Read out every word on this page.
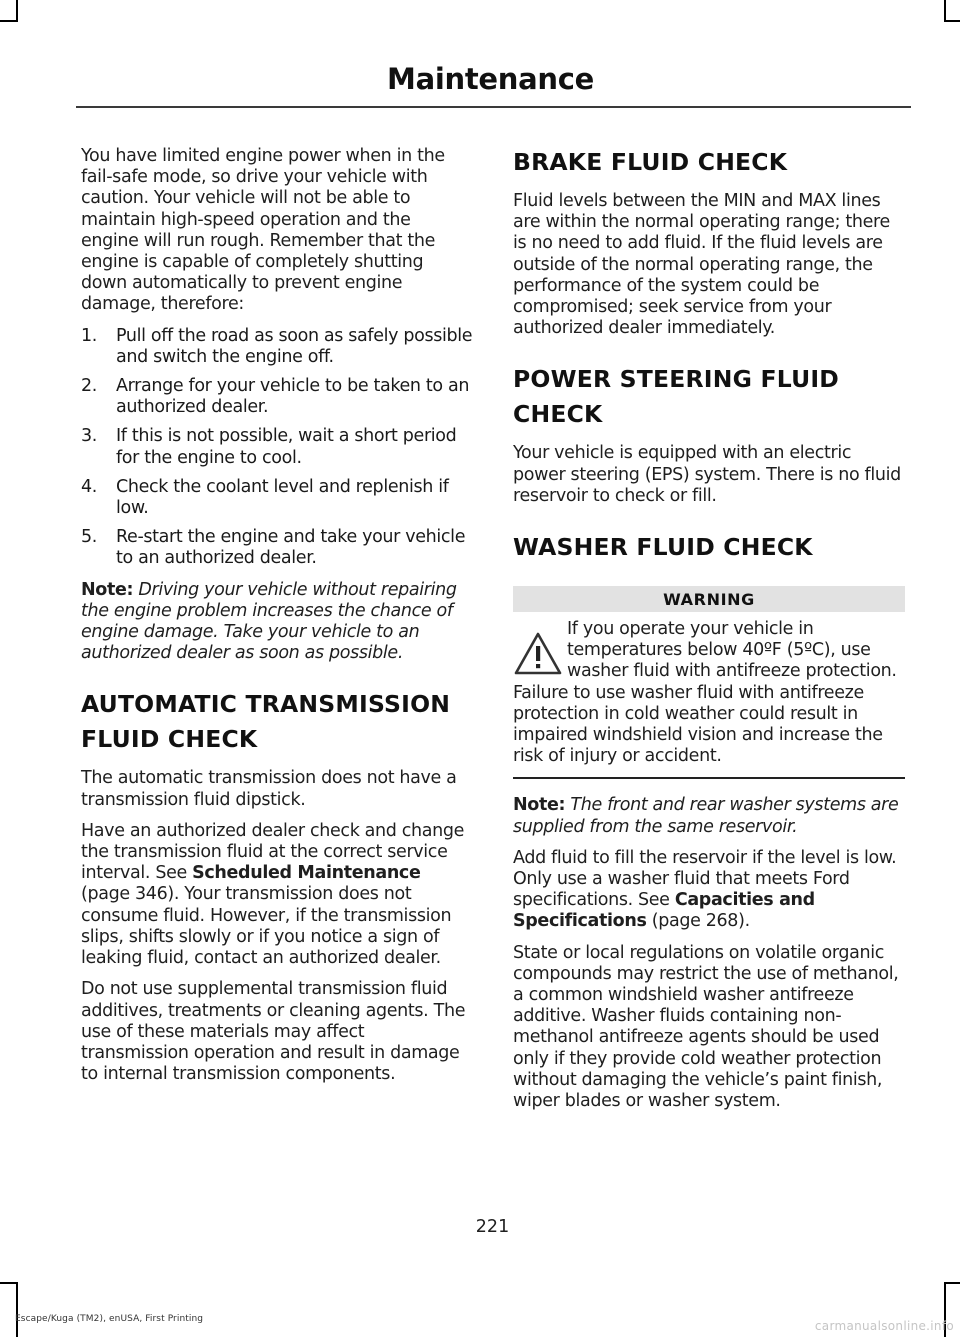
Maintenance

You have limited engine power when in the fail-safe mode, so drive your vehicle with caution. Your vehicle will not be able to maintain high-speed operation and the engine will run rough. Remember that the engine is capable of completely shutting down automatically to prevent engine damage, therefore:

1. Pull off the road as soon as safely possible and switch the engine off.
2. Arrange for your vehicle to be taken to an authorized dealer.
3. If this is not possible, wait a short period for the engine to cool.
4. Check the coolant level and replenish if low.
5. Re-start the engine and take your vehicle to an authorized dealer.

Note: Driving your vehicle without repairing the engine problem increases the chance of engine damage. Take your vehicle to an authorized dealer as soon as possible.

AUTOMATIC TRANSMISSION
FLUID CHECK

The automatic transmission does not have a transmission fluid dipstick.

Have an authorized dealer check and change the transmission fluid at the correct service interval. See Scheduled Maintenance (page 346). Your transmission does not consume fluid. However, if the transmission slips, shifts slowly or if you notice a sign of leaking fluid, contact an authorized dealer.

Do not use supplemental transmission fluid additives, treatments or cleaning agents. The use of these materials may affect transmission operation and result in damage to internal transmission components.

BRAKE FLUID CHECK

Fluid levels between the MIN and MAX lines are within the normal operating range; there is no need to add fluid. If the fluid levels are outside of the normal operating range, the performance of the system could be compromised; seek service from your authorized dealer immediately.

POWER STEERING FLUID
CHECK

Your vehicle is equipped with an electric power steering (EPS) system. There is no fluid reservoir to check or fill.

WASHER FLUID CHECK
WARNING

If you operate your vehicle in temperatures below 40ºF (5ºC), use washer fluid with antifreeze protection. Failure to use washer fluid with antifreeze protection in cold weather could result in impaired windshield vision and increase the risk of injury or accident.

Note: The front and rear washer systems are supplied from the same reservoir.

Add fluid to fill the reservoir if the level is low. Only use a washer fluid that meets Ford specifications. See Capacities and Specifications (page 268).

State or local regulations on volatile organic compounds may restrict the use of methanol, a common windshield washer antifreeze additive. Washer fluids containing non-methanol antifreeze agents should be used only if they provide cold weather protection without damaging the vehicle’s paint finish, wiper blades or washer system.

221
Escape/Kuga (TM2), enUSA, First Printing	carmanualsonline.info
